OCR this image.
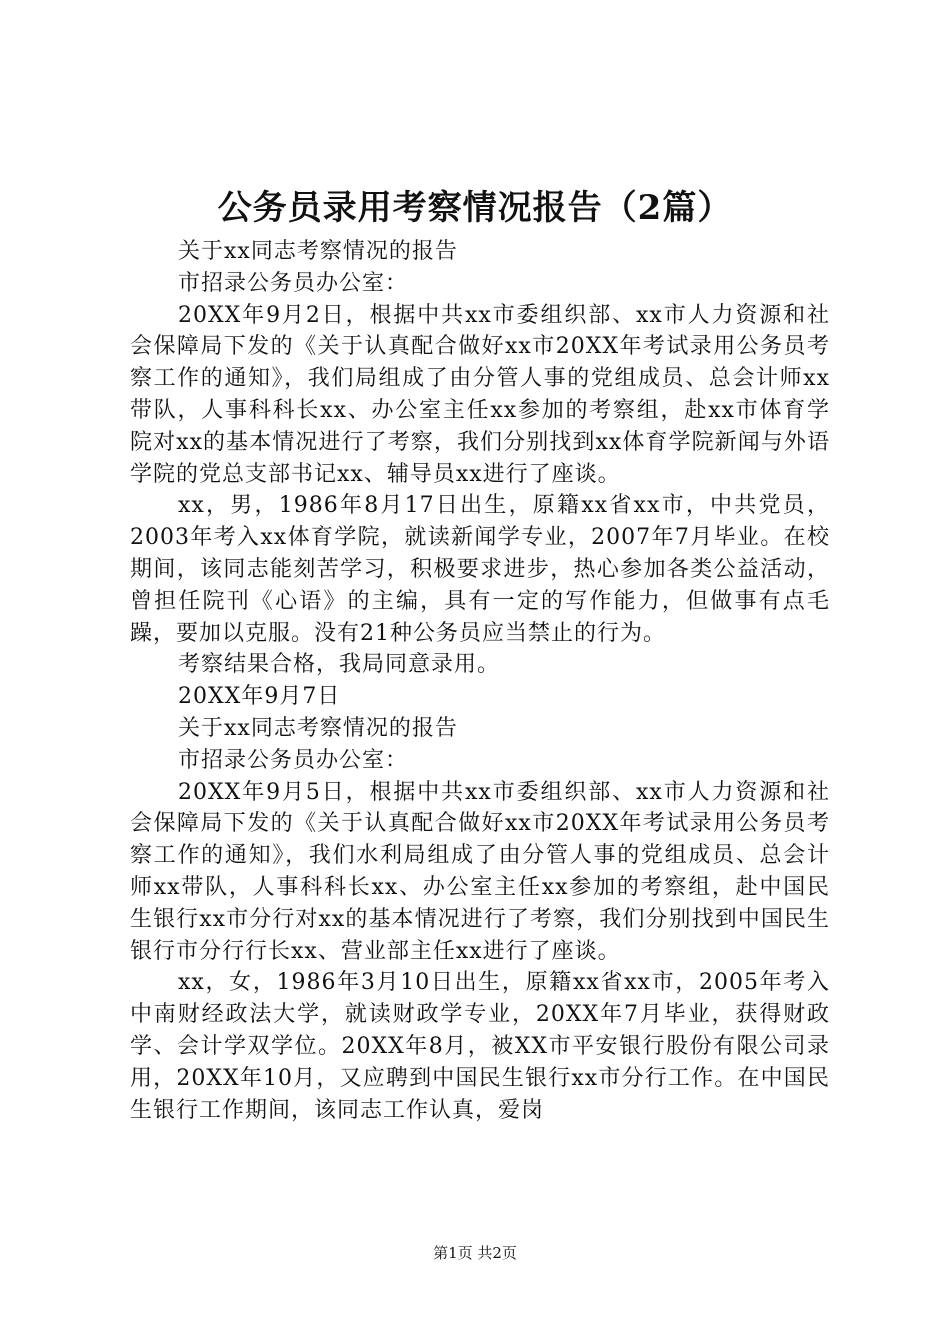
公务员录用考察情况报告（2篇）

关于xx同志考察情况的报告

市招录公务员办公室：

20XX年9月2日，根据中共xx市委组织部、xx市人力资源和社会保障局下发的《关于认真配合做好xx市20XX年考试录用公务员考察工作的通知》，我们局组成了由分管人事的党组成员、总会计师xx带队，人事科科长xx、办公室主任xx参加的考察组，赴xx市体育学院对xx的基本情况进行了考察，我们分别找到xx体育学院新闻与外语学院的党总支部书记xx、辅导员xx进行了座谈。

xx，男，1986年8月17日出生，原籍xx省xx市，中共党员，2003年考入xx体育学院，就读新闻学专业，2007年7月毕业。在校期间，该同志能刻苦学习，积极要求进步，热心参加各类公益活动，曾担任院刊《心语》的主编，具有一定的写作能力，但做事有点毛躁，要加以克服。没有21种公务员应当禁止的行为。

考察结果合格，我局同意录用。

20XX年9月7日

关于xx同志考察情况的报告

市招录公务员办公室：

20XX年9月5日，根据中共xx市委组织部、xx市人力资源和社会保障局下发的《关于认真配合做好xx市20XX年考试录用公务员考察工作的通知》，我们水利局组成了由分管人事的党组成员、总会计师xx带队，人事科科长xx、办公室主任xx参加的考察组，赴中国民生银行xx市分行对xx的基本情况进行了考察，我们分别找到中国民生银行市分行行长xx、营业部主任xx进行了座谈。

xx，女，1986年3月10日出生，原籍xx省xx市，2005年考入中南财经政法大学，就读财政学专业，20XX年7月毕业，获得财政学、会计学双学位。20XX年8月，被XX市平安银行股份有限公司录用，20XX年10月，又应聘到中国民生银行xx市分行工作。在中国民生银行工作期间，该同志工作认真，爱岗

第1页 共2页
